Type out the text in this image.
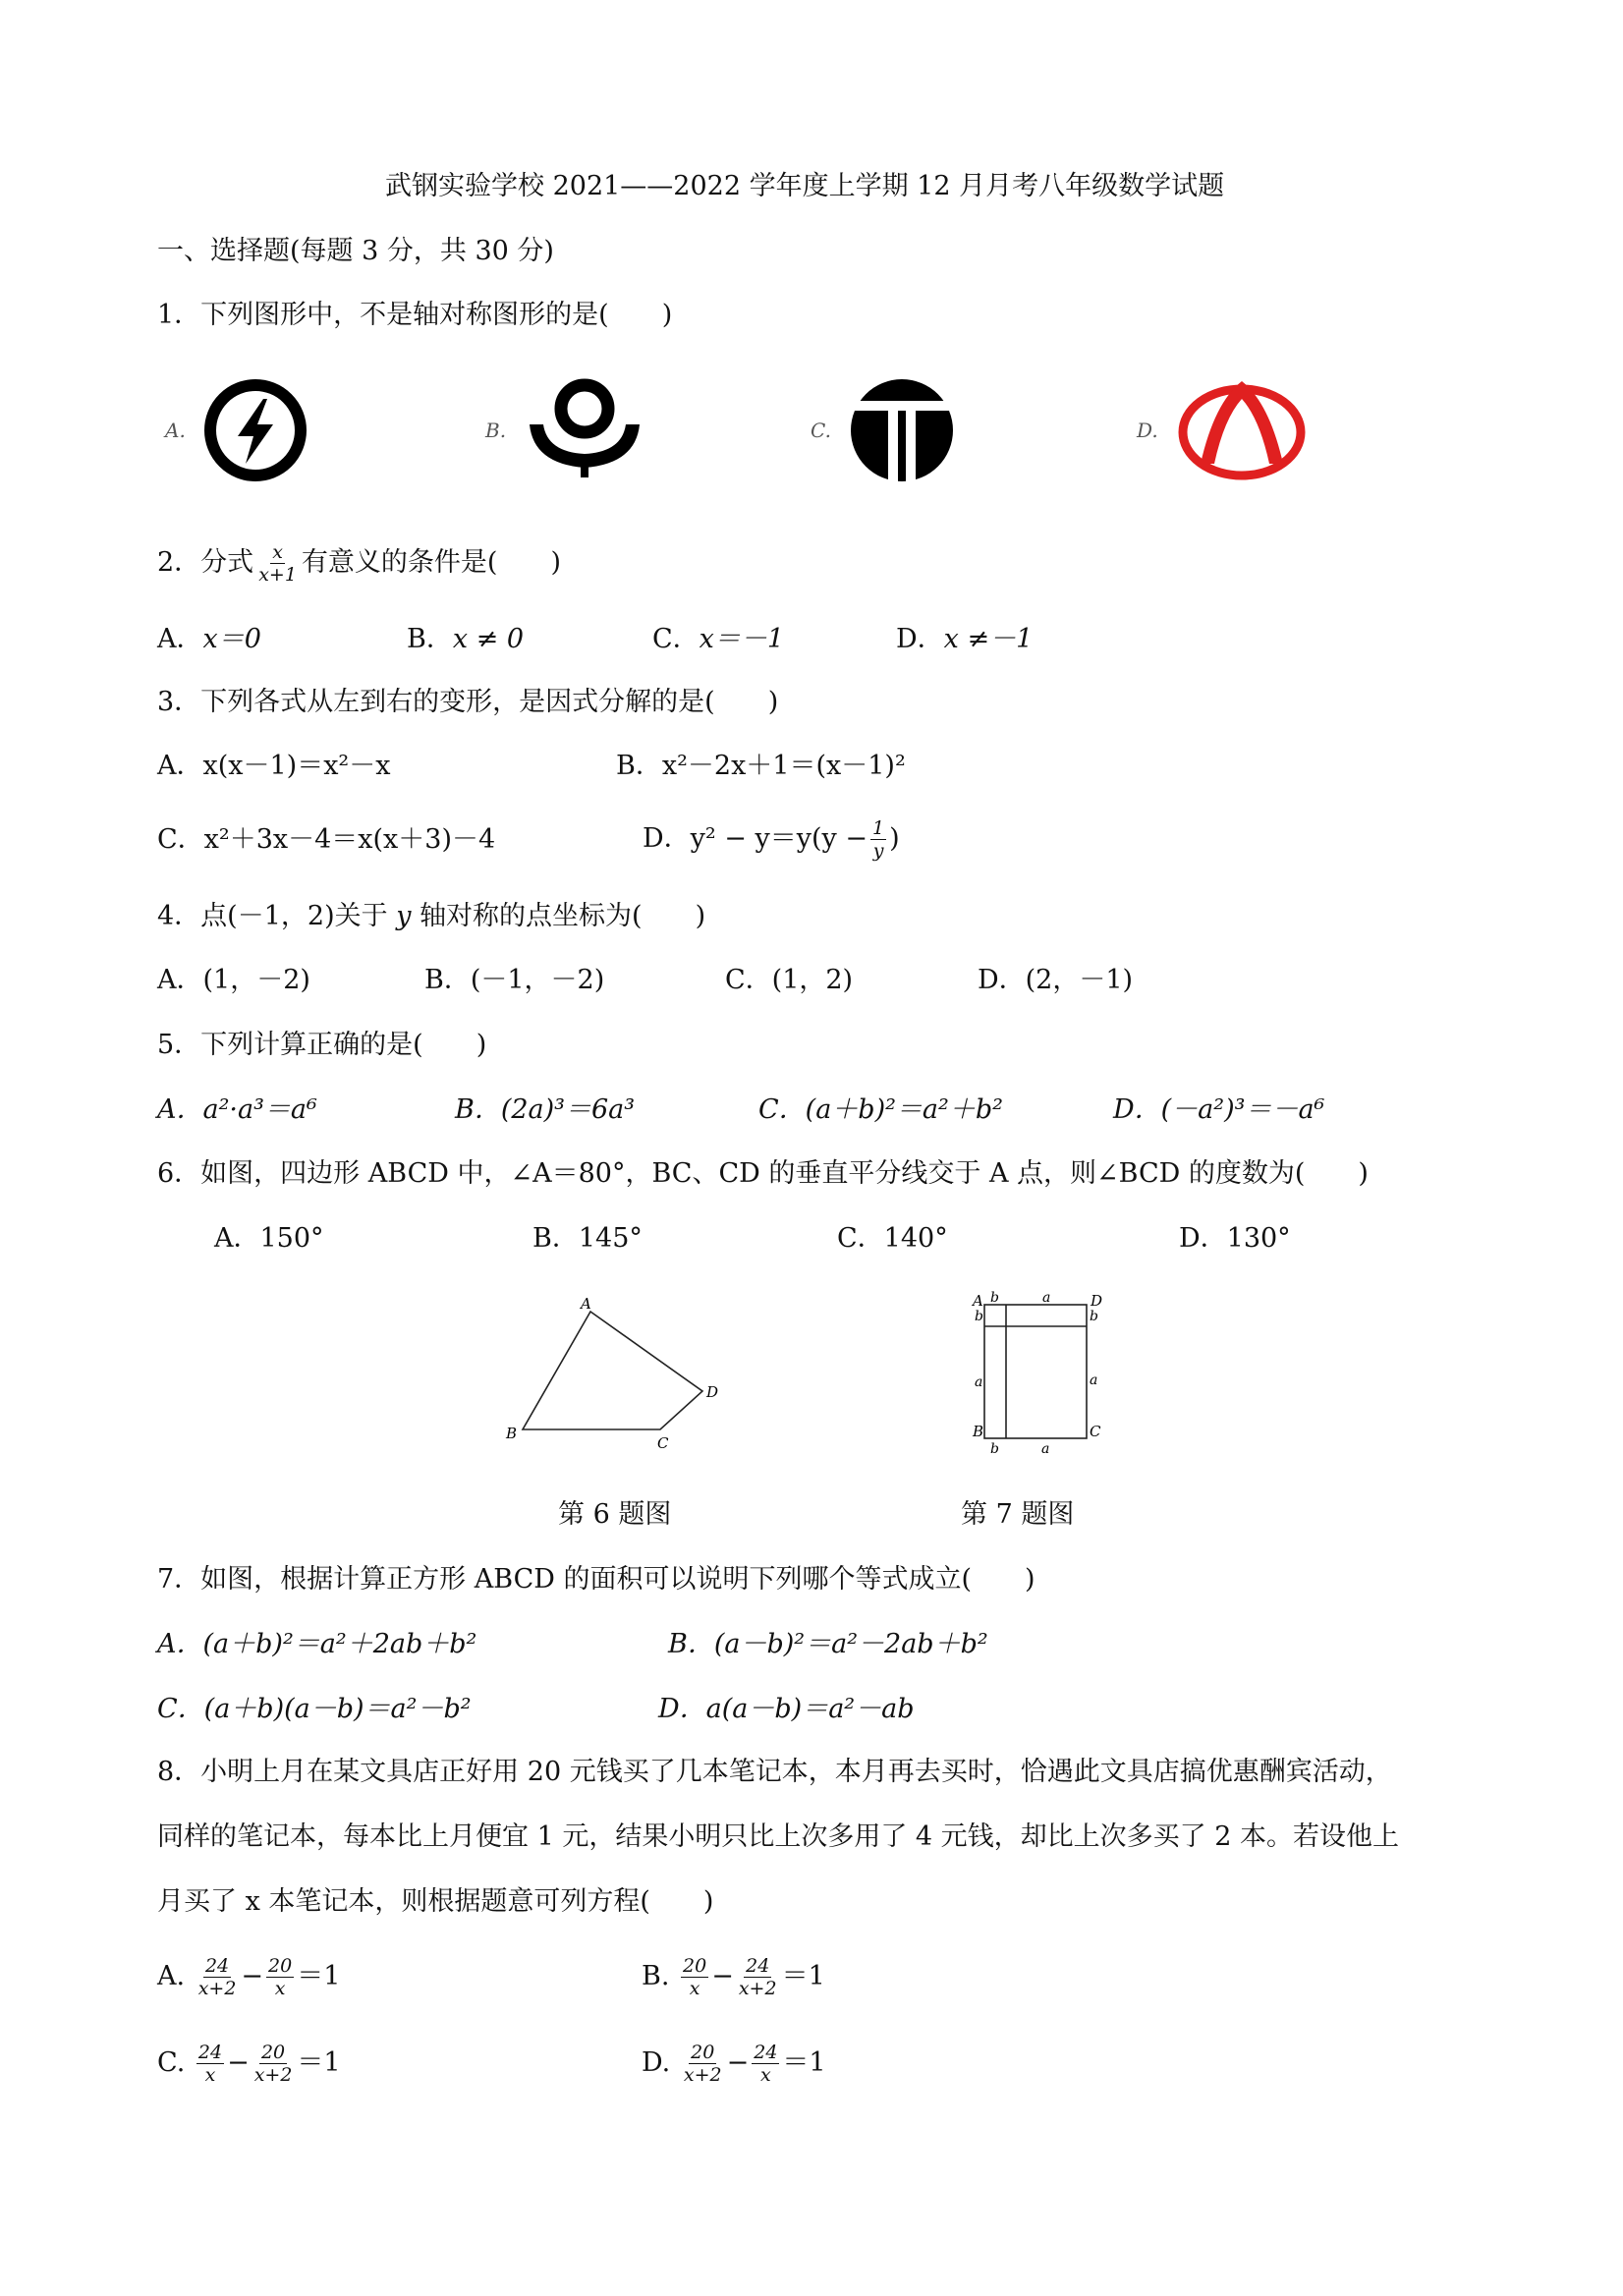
武钢实验学校 2021——2022 学年度上学期 12 月月考八年级数学试题
一、选择题(每题 3 分，共 30 分)
1．下列图形中，不是轴对称图形的是(　　)
A.	B.	C.	D.
2．分式 $\frac{x}{x+1}$ 有意义的条件是(　　)
A．x＝0	B．x ≠ 0	C．x＝－1	D．x ≠－1
3．下列各式从左到右的变形，是因式分解的是(　　)
A．x(x－1)＝x²－x	B．x²－2x＋1＝(x－1)²
C．x²＋3x－4＝x(x＋3)－4	D．$y^2 - y=y(y - \frac{1}{y}$ )
4．点(－1，2)关于 y 轴对称的点坐标为(　　)
A．(1，－2)	B．(－1，－2)	C．(1，2)	D．(2，－1)
5．下列计算正确的是(　　)
A．a²·a³＝a⁶	B．(2a)³＝6a³	C．(a＋b)²＝a²＋b²	D．(－a²)³＝－a⁶
6．如图，四边形 ABCD 中，∠A＝80°，BC、CD 的垂直平分线交于 A 点，则∠BCD 的度数为(　　)
A．150°	B．145°	C．140°	D．130°
A
B
C
D
第 6 题图
A	D
B	C
b	a
b
a
b
a
b	a
第 7 题图
7．如图，根据计算正方形 ABCD 的面积可以说明下列哪个等式成立(　　)
A．(a＋b)²＝a²＋2ab＋b²	B．(a－b)²＝a²－2ab＋b²
C．(a＋b)(a－b)＝a²－b²	D．a(a－b)＝a²－ab
8．小明上月在某文具店正好用 20 元钱买了几本笔记本，本月再去买时，恰遇此文具店搞优惠酬宾活动，
同样的笔记本，每本比上月便宜 1 元，结果小明只比上次多用了 4 元钱，却比上次多买了 2 本。若设他上
月买了 x 本笔记本，则根据题意可列方程(　　)
A. $\frac{24}{x+2} - \frac{20}{x} =1$	B. $\frac{20}{x} - \frac{24}{x+2} =1$
C. $\frac{24}{x} - \frac{20}{x+2} =1$	D. $\frac{20}{x+2} - \frac{24}{x} =1$
